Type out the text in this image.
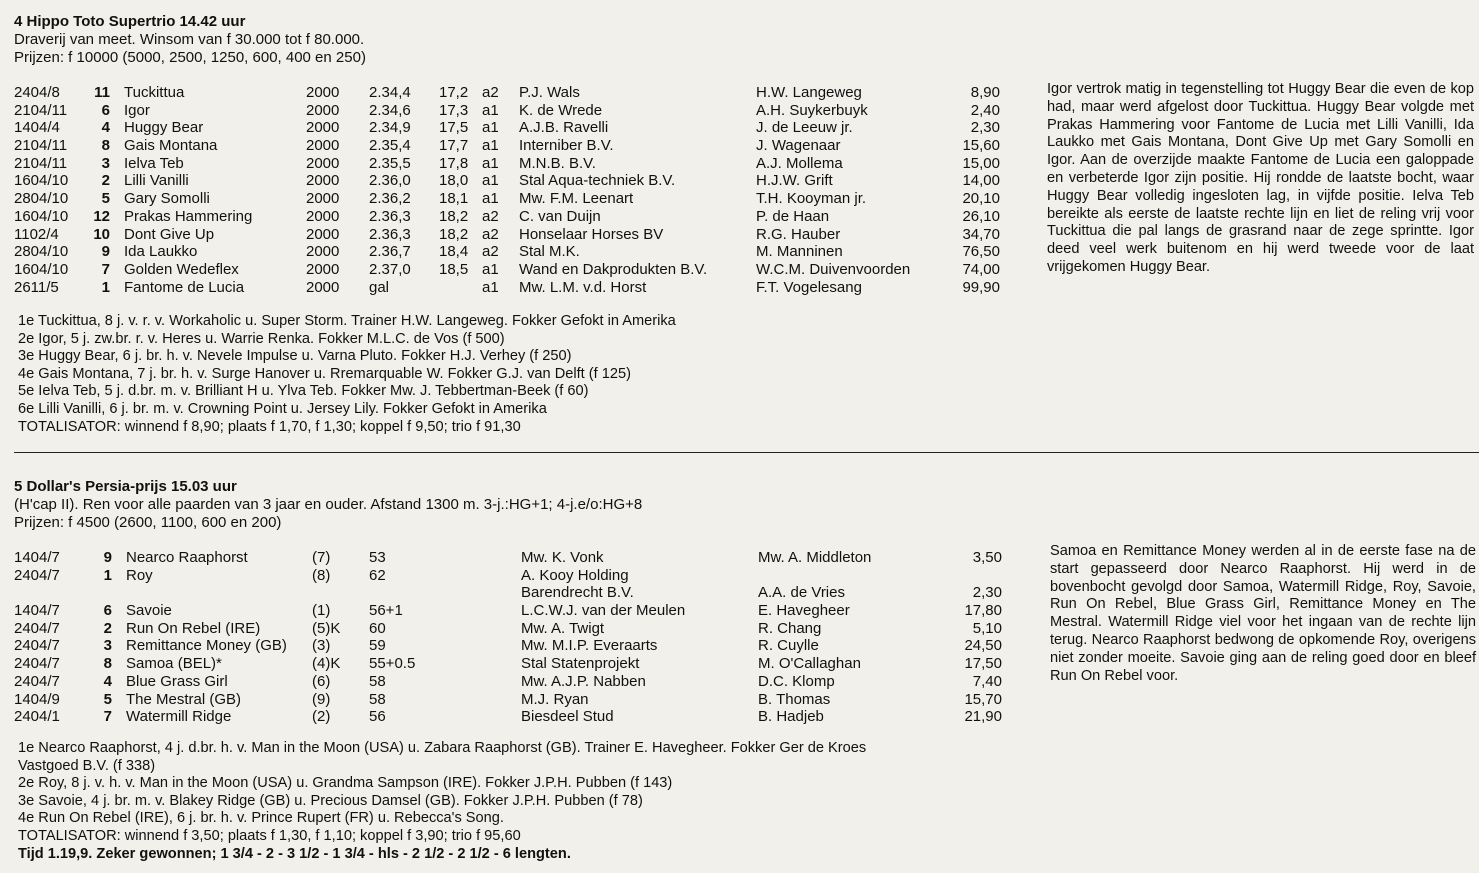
4 Hippo Toto Supertrio 14.42 uur
Draverij van meet. Winsom van f 30.000 tot f 80.000.
Prijzen: f 10000 (5000, 2500, 1250, 600, 400 en 250)
2404/8	11 Tuckittua	2000 2.34,4 17,2 a2 P.J. Wals	H.W. Langeweg	8,90
2104/11	6 Igor	2000 2.34,6 17,3 a1 K. de Wrede	A.H. Suykerbuyk	2,40
1404/4	4 Huggy Bear	2000 2.34,9 17,5 a1 A.J.B. Ravelli	J. de Leeuw jr.	2,30
2104/11	8 Gais Montana	2000 2.35,4 17,7 a1 Interniber B.V.	J. Wagenaar	15,60
2104/11	3 Ielva Teb	2000 2.35,5 17,8 a1 M.N.B. B.V.	A.J. Mollema	15,00
1604/10	2 Lilli Vanilli	2000 2.36,0 18,0 a1 Stal Aqua-techniek B.V.	H.J.W. Grift	14,00
2804/10	5 Gary Somolli	2000 2.36,2 18,1 a1 Mw. F.M. Leenart	T.H. Kooyman jr.	20,10
1604/10	12 Prakas Hammering	2000 2.36,3 18,2 a2 C. van Duijn	P. de Haan	26,10
1102/4	10 Dont Give Up	2000 2.36,3 18,2 a2 Honselaar Horses BV	R.G. Hauber	34,70
2804/10	9 Ida Laukko	2000 2.36,7 18,4 a2 Stal M.K.	M. Manninen	76,50
1604/10	7 Golden Wedeflex	2000 2.37,0 18,5 a1 Wand en Dakprodukten B.V.	W.C.M. Duivenvoorden	74,00
2611/5	1 Fantome de Lucia	2000 gal	a1 Mw. L.M. v.d. Horst	F.T. Vogelesang	99,90
Igor vertrok matig in tegenstelling tot Huggy Bear die even de kop had, maar werd afgelost door Tuckittua. Huggy Bear volgde met Prakas Hammering voor Fantome de Lucia met Lilli Vanilli, Ida Laukko met Gais Montana, Dont Give Up met Gary Somolli en Igor. Aan de overzijde maakte Fantome de Lucia een galoppade en verbeterde Igor zijn positie. Hij rondde de laatste bocht, waar Huggy Bear volledig ingesloten lag, in vijfde positie. Ielva Teb bereikte als eerste de laatste rechte lijn en liet de reling vrij voor Tuckittua die pal langs de grasrand naar de zege sprintte. Igor deed veel werk buitenom en hij werd tweede voor de laat vrijgekomen Huggy Bear.
1e Tuckittua, 8 j. v. r. v. Workaholic u. Super Storm. Trainer H.W. Langeweg. Fokker Gefokt in Amerika
2e Igor, 5 j. zw.br. r. v. Heres u. Warrie Renka. Fokker M.L.C. de Vos (f 500)
3e Huggy Bear, 6 j. br. h. v. Nevele Impulse u. Varna Pluto. Fokker H.J. Verhey (f 250)
4e Gais Montana, 7 j. br. h. v. Surge Hanover u. Rremarquable W. Fokker G.J. van Delft (f 125)
5e Ielva Teb, 5 j. d.br. m. v. Brilliant H u. Ylva Teb. Fokker Mw. J. Tebbertman-Beek (f 60)
6e Lilli Vanilli, 6 j. br. m. v. Crowning Point u. Jersey Lily. Fokker Gefokt in Amerika
TOTALISATOR: winnend f 8,90; plaats f 1,70, f 1,30; koppel f 9,50; trio f 91,30
5 Dollar's Persia-prijs 15.03 uur
(H'cap II). Ren voor alle paarden van 3 jaar en ouder. Afstand 1300 m. 3-j.:HG+1; 4-j.e/o:HG+8
Prijzen: f 4500 (2600, 1100, 600 en 200)
1404/7	9 Nearco Raaphorst	(7)	53	Mw. K. Vonk	Mw. A. Middleton	3,50
2404/7	1 Roy	(8)	62	A. Kooy Holding
Barendrecht B.V.	A.A. de Vries	2,30
1404/7	6 Savoie	(1)	56+1	L.C.W.J. van der Meulen	E. Havegheer	17,80
2404/7	2 Run On Rebel (IRE)	(5)K 60	Mw. A. Twigt	R. Chang	5,10
2404/7	3 Remittance Money (GB) (3)	59	Mw. M.I.P. Everaarts	R. Cuylle	24,50
2404/7	8 Samoa (BEL)*	(4)K 55+0.5	Stal Statenprojekt	M. O'Callaghan	17,50
2404/7	4 Blue Grass Girl	(6)	58	Mw. A.J.P. Nabben	D.C. Klomp	7,40
1404/9	5 The Mestral (GB)	(9)	58	M.J. Ryan	B. Thomas	15,70
2404/1	7 Watermill Ridge	(2)	56	Biesdeel Stud	B. Hadjeb	21,90
Samoa en Remittance Money werden al in de eerste fase na de start gepasseerd door Nearco Raaphorst. Hij werd in de bovenbocht gevolgd door Samoa, Watermill Ridge, Roy, Savoie, Run On Rebel, Blue Grass Girl, Remittance Money en The Mestral. Watermill Ridge viel voor het ingaan van de rechte lijn terug. Nearco Raaphorst bedwong de opkomende Roy, overigens niet zonder moeite. Savoie ging aan de reling goed door en bleef Run On Rebel voor.
1e Nearco Raaphorst, 4 j. d.br. h. v. Man in the Moon (USA) u. Zabara Raaphorst (GB). Trainer E. Havegheer. Fokker Ger de Kroes
Vastgoed B.V. (f 338)
2e Roy, 8 j. v. h. v. Man in the Moon (USA) u. Grandma Sampson (IRE). Fokker J.P.H. Pubben (f 143)
3e Savoie, 4 j. br. m. v. Blakey Ridge (GB) u. Precious Damsel (GB). Fokker J.P.H. Pubben (f 78)
4e Run On Rebel (IRE), 6 j. br. h. v. Prince Rupert (FR) u. Rebecca's Song.
TOTALISATOR: winnend f 3,50; plaats f 1,30, f 1,10; koppel f 3,90; trio f 95,60
Tijd 1.19,9. Zeker gewonnen; 1 3/4 - 2 - 3 1/2 - 1 3/4 - hls - 2 1/2 - 2 1/2 - 6 lengten.
